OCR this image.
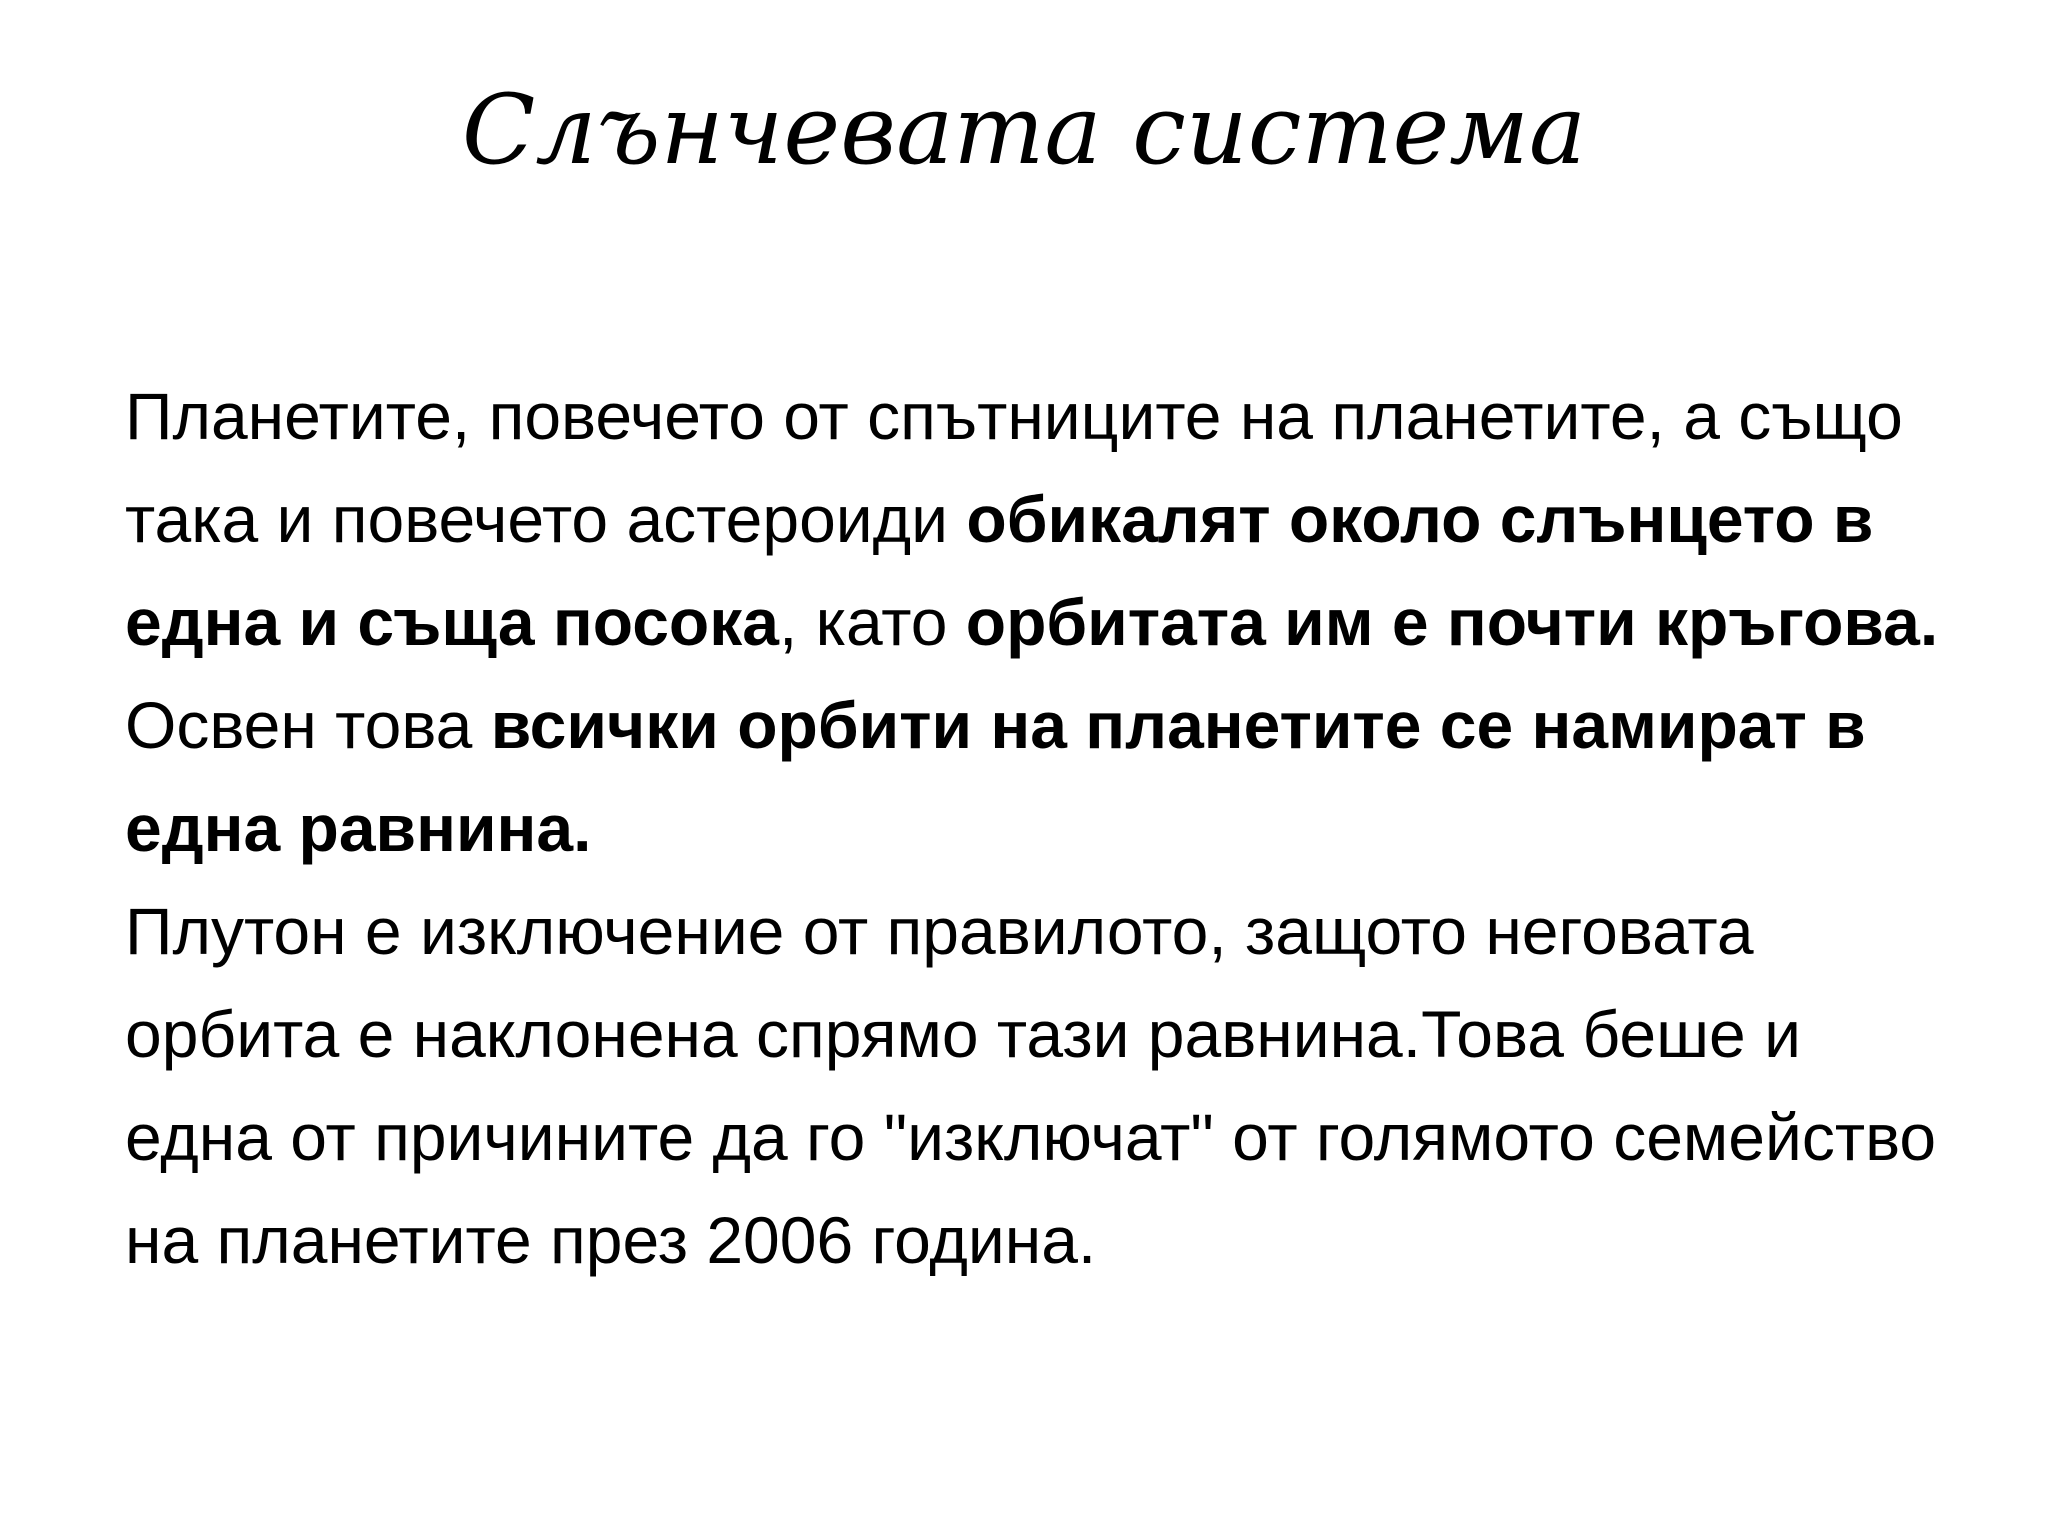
Слънчевата система

Планетите, повечето от спътниците на планетите, а също така и повечето астероиди обикалят около слънцето в една и съща посока, като орбитата им е почти кръгова.

Освен това всички орбити на планетите се намират в една равнина.

Плутон е изключение от правилото, защото неговата орбита е наклонена спрямо тази равнина.Това беше и една от причините да го "изключат" от голямото семейство на планетите през 2006 година.
